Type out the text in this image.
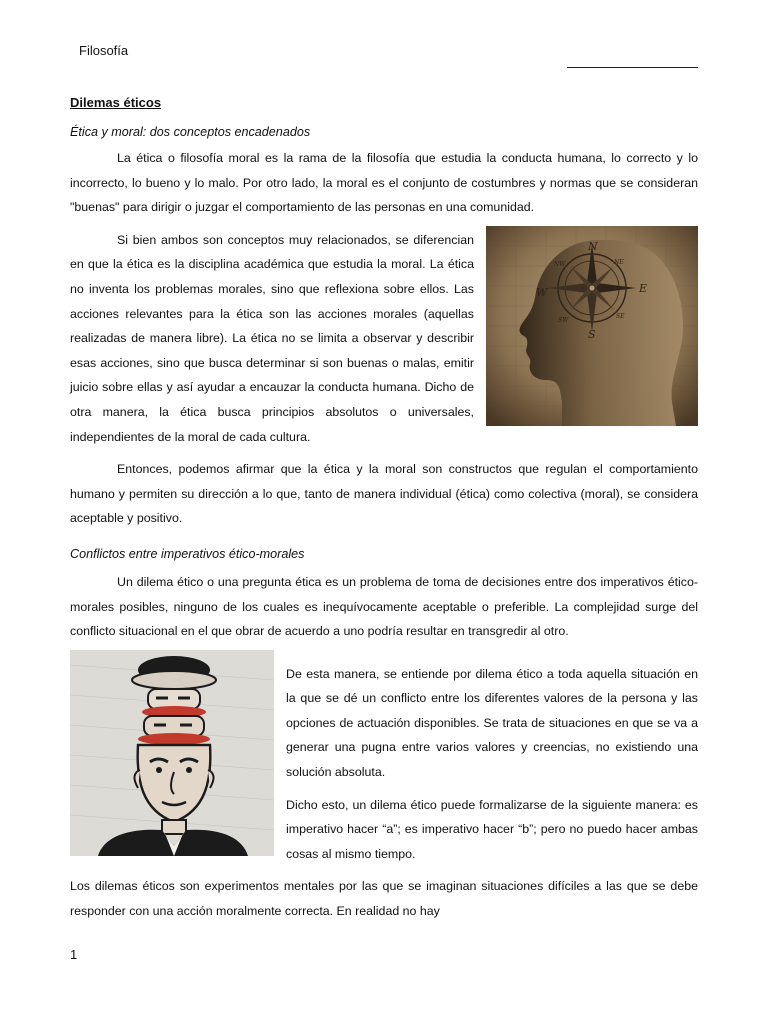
Filosofía

Dilemas éticos

Ética y moral: dos conceptos encadenados

La ética o filosofía moral es la rama de la filosofía que estudia la conducta humana, lo correcto y lo incorrecto, lo bueno y lo malo. Por otro lado, la moral es el conjunto de costumbres y normas que se consideran "buenas" para dirigir o juzgar el comportamiento de las personas en una comunidad.

N
S
E
W
NE
NW
SE
SW

Si bien ambos son conceptos muy relacionados, se diferencian en que la ética es la disciplina académica que estudia la moral. La ética no inventa los problemas morales, sino que reflexiona sobre ellos. Las acciones relevantes para la ética son las acciones morales (aquellas realizadas de manera libre). La ética no se limita a observar y describir esas acciones, sino que busca determinar si son buenas o malas, emitir juicio sobre ellas y así ayudar a encauzar la conducta humana. Dicho de otra manera, la ética busca principios absolutos o universales, independientes de la moral de cada cultura.

Entonces, podemos afirmar que la ética y la moral son constructos que regulan el comportamiento humano y permiten su dirección a lo que, tanto de manera individual (ética) como colectiva (moral), se considera aceptable y positivo.

Conflictos entre imperativos ético-morales

Un dilema ético o una pregunta ética es un problema de toma de decisiones entre dos imperativos ético-morales posibles, ninguno de los cuales es inequívocamente aceptable o preferible. La complejidad surge del conflicto situacional en el que obrar de acuerdo a uno podría resultar en transgredir al otro.

De esta manera, se entiende por dilema ético a toda aquella situación en la que se dé un conflicto entre los diferentes valores de la persona y las opciones de actuación disponibles. Se trata de situaciones en que se va a generar una pugna entre varios valores y creencias, no existiendo una solución absoluta.

Dicho esto, un dilema ético puede formalizarse de la siguiente manera: es imperativo hacer “a”; es imperativo hacer “b”; pero no puedo hacer ambas cosas al mismo tiempo.

Los dilemas éticos son experimentos mentales por las que se imaginan situaciones difíciles a las que se debe responder con una acción moralmente correcta. En realidad no hay

1
